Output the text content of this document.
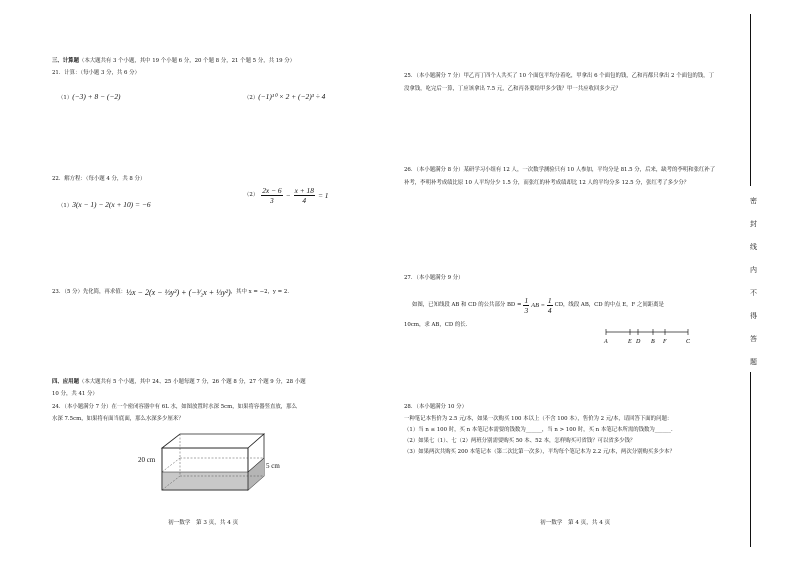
三、计算题（本大题共有 3 个小题，其中 19 个小题 6 分，20 个题 8 分，21 个题 5 分，共 19 分）
21．计算：（每小题 3 分，共 6 分）
（1）(−3) + 8 − (−2)	（2）(−1)¹⁰ × 2 + (−2)³ ÷ 4
22．解方程：（每小题 4 分，共 8 分）
（1）3(x − 1) − 2(x + 10) = −6
$(2) \frac{2x - 6}{3} - \frac{x + 18}{4} = 1$
23．（5 分）先化简，再求值： ½x − 2(x − ⅓y²) + (−³⁄₂x + ⅓y²) ，其中 x = −2，y = 2．
四、应用题（本大题共有 5 个小题，其中 24、25 小题每题 7 分，26 个题 8 分，27 个题 9 分，28 小题
10 分，共 41 分）
24．（本小题满分 7 分）在一个密闭容器中有 6L 水，如图放置时水深 5cm，如果将容器竖直放，那么
水深 7.5cm，如果将有面当底面，那么水深多少厘米？
20 cm
5 cm
初一数学　第 3 页，共 4 页
25．（本小题满分 7 分）甲乙丙丁四个人共买了 10 个面包平均分着吃，甲拿出 6 个面包的钱，乙和丙都只拿出 2 个面包的钱，丁没拿钱，吃完后一算，丁应该拿出 7.5 元，乙和丙各要给甲多少钱？甲一共应收回多少元？
26．（本小题满分 8 分）某研学习小组有 12 人，一次数学测验只有 10 人参加，平均分是 81.5 分，后来，缺考的李明和张红补了补考，李明补考成绩比原 10 人平均分少 1.5 分，而张红的补考成绩却比 12 人的平均分多 12.5 分，张红考了多少分？
27．（本小题满分 9 分）
如图，已知线段 AB 和 CD 的公共部分 BD = $\frac{1}{3}$ AB = $\frac{1}{4}$ CD，线段 AB，CD 的中点 E，F 之间距离是
10cm，求 AB，CD 的长．
A	E D B F	C
28．（本小题满分 10 分）
一种笔记本售价为 2.5 元/本，如果一次购买 100 本以上（不含 100 本），售价为 2 元/本，请回答下面的问题：
（1）当 n ≤ 100 时，买 n 本笔记本需要的钱数为______，当 n > 100 时，买 n 本笔记本所需的钱数为______．
（2）如果七（1）、七（2）两班分别需要购买 50 本、52 本，怎样购买可省钱？可以省多少钱？
（3）如果两次共购买 200 本笔记本（第二次比第一次多），平均每个笔记本为 2.2 元/本，两次分别购买多少本？
初一数学　第 4 页，共 4 页
密
封
线
内
不
得
答
题
